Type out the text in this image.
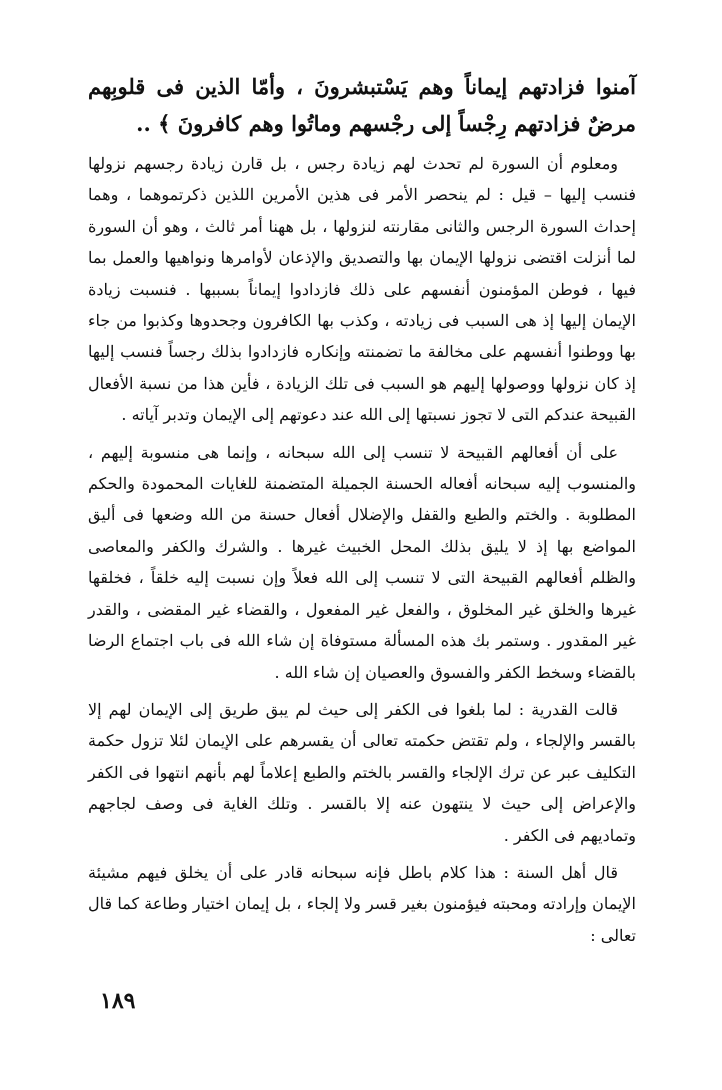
آمنوا فزادتهم إيماناً وهم يَسْتبشرونَ ، وأمّا الذين فى قلوبِهم مرضٌ فزادتهم رِجْساً إلى رجْسهم وماتُوا وهم كافرونَ ﴾ ..

ومعلوم أن السورة لم تحدث لهم زيادة رجس ، بل قارن زيادة رجسهم نزولها فنسب إليها – قيل : لم ينحصر الأمر فى هذين الأمرين اللذين ذكرتموهما ، وهما إحداث السورة الرجس والثانى مقارنته لنزولها ، بل ههنا أمر ثالث ، وهو أن السورة لما أنزلت اقتضى نزولها الإيمان بها والتصديق والإذعان لأوامرها ونواهيها والعمل بما فيها ، فوطن المؤمنون أنفسهم على ذلك فازدادوا إيماناً بسببها . فنسبت زيادة الإيمان إليها إذ هى السبب فى زيادته ، وكذب بها الكافرون وجحدوها وكذبوا من جاء بها ووطنوا أنفسهم على مخالفة ما تضمنته وإنكاره فازدادوا بذلك رجساً فنسب إليها إذ كان نزولها ووصولها إليهم هو السبب فى تلك الزيادة ، فأين هذا من نسبة الأفعال القبيحة عندكم التى لا تجوز نسبتها إلى الله عند دعوتهم إلى الإيمان وتدبر آياته .

على أن أفعالهم القبيحة لا تنسب إلى الله سبحانه ، وإنما هى منسوبة إليهم ، والمنسوب إليه سبحانه أفعاله الحسنة الجميلة المتضمنة للغايات المحمودة والحكم المطلوبة . والختم والطبع والقفل والإضلال أفعال حسنة من الله وضعها فى أليق المواضع بها إذ لا يليق بذلك المحل الخبيث غيرها . والشرك والكفر والمعاصى والظلم أفعالهم القبيحة التى لا تنسب إلى الله فعلاً وإن نسبت إليه خلقاً ، فخلقها غيرها والخلق غير المخلوق ، والفعل غير المفعول ، والقضاء غير المقضى ، والقدر غير المقدور . وستمر بك هذه المسألة مستوفاة إن شاء الله فى باب اجتماع الرضا بالقضاء وسخط الكفر والفسوق والعصيان إن شاء الله .

قالت القدرية : لما بلغوا فى الكفر إلى حيث لم يبق طريق إلى الإيمان لهم إلا بالقسر والإلجاء ، ولم تقتض حكمته تعالى أن يقسرهم على الإيمان لئلا تزول حكمة التكليف عبر عن ترك الإلجاء والقسر بالختم والطبع إعلاماً لهم بأنهم انتهوا فى الكفر والإعراض إلى حيث لا ينتهون عنه إلا بالقسر . وتلك الغاية فى وصف لجاجهم وتماديهم فى الكفر .

قال أهل السنة : هذا كلام باطل فإنه سبحانه قادر على أن يخلق فيهم مشيئة الإيمان وإرادته ومحبته فيؤمنون بغير قسر ولا إلجاء ، بل إيمان اختيار وطاعة كما قال تعالى :

١٨٩
